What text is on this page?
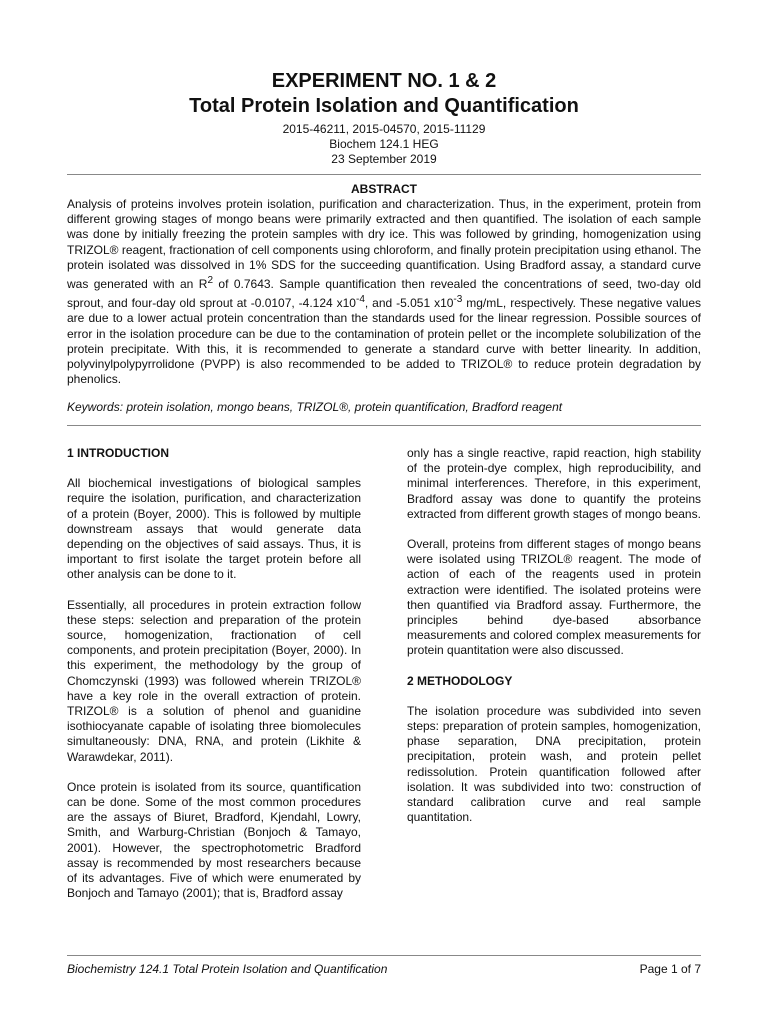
EXPERIMENT NO. 1 & 2
Total Protein Isolation and Quantification
2015-46211, 2015-04570, 2015-11129
Biochem 124.1 HEG
23 September 2019
ABSTRACT
Analysis of proteins involves protein isolation, purification and characterization. Thus, in the experiment, protein from different growing stages of mongo beans were primarily extracted and then quantified. The isolation of each sample was done by initially freezing the protein samples with dry ice. This was followed by grinding, homogenization using TRIZOL® reagent, fractionation of cell components using chloroform, and finally protein precipitation using ethanol. The protein isolated was dissolved in 1% SDS for the succeeding quantification. Using Bradford assay, a standard curve was generated with an $R^2$ of 0.7643. Sample quantification then revealed the concentrations of seed, two-day old sprout, and four-day old sprout at -0.0107, -4.124 $x10^{-4}$, and -5.051 $x10^{-3}$ mg/mL, respectively. These negative values are due to a lower actual protein concentration than the standards used for the linear regression. Possible sources of error in the isolation procedure can be due to the contamination of protein pellet or the incomplete solubilization of the protein precipitate. With this, it is recommended to generate a standard curve with better linearity. In addition, polyvinylpolypyrrolidone (PVPP) is also recommended to be added to TRIZOL® to reduce protein degradation by phenolics.
Keywords: protein isolation, mongo beans, TRIZOL®, protein quantification, Bradford reagent
1 INTRODUCTION

All biochemical investigations of biological samples require the isolation, purification, and characterization of a protein (Boyer, 2000). This is followed by multiple downstream assays that would generate data depending on the objectives of said assays. Thus, it is important to first isolate the target protein before all other analysis can be done to it.

Essentially, all procedures in protein extraction follow these steps: selection and preparation of the protein source, homogenization, fractionation of cell components, and protein precipitation (Boyer, 2000). In this experiment, the methodology by the group of Chomczynski (1993) was followed wherein TRIZOL® have a key role in the overall extraction of protein. TRIZOL® is a solution of phenol and guanidine isothiocyanate capable of isolating three biomolecules simultaneously: DNA, RNA, and protein (Likhite & Warawdekar, 2011).

Once protein is isolated from its source, quantification can be done. Some of the most common procedures are the assays of Biuret, Bradford, Kjendahl, Lowry, Smith, and Warburg-Christian (Bonjoch & Tamayo, 2001). However, the spectrophotometric Bradford assay is recommended by most researchers because of its advantages. Five of which were enumerated by Bonjoch and Tamayo (2001); that is, Bradford assay

only has a single reactive, rapid reaction, high stability of the protein-dye complex, high reproducibility, and minimal interferences. Therefore, in this experiment, Bradford assay was done to quantify the proteins extracted from different growth stages of mongo beans.

Overall, proteins from different stages of mongo beans were isolated using TRIZOL® reagent. The mode of action of each of the reagents used in protein extraction were identified. The isolated proteins were then quantified via Bradford assay. Furthermore, the principles behind dye-based absorbance measurements and colored complex measurements for protein quantitation were also discussed.

2 METHODOLOGY

The isolation procedure was subdivided into seven steps: preparation of protein samples, homogenization, phase separation, DNA precipitation, protein precipitation, protein wash, and protein pellet redissolution. Protein quantification followed after isolation. It was subdivided into two: construction of standard calibration curve and real sample quantitation.

Biochemistry 124.1 Total Protein Isolation and Quantification	Page 1 of 7
